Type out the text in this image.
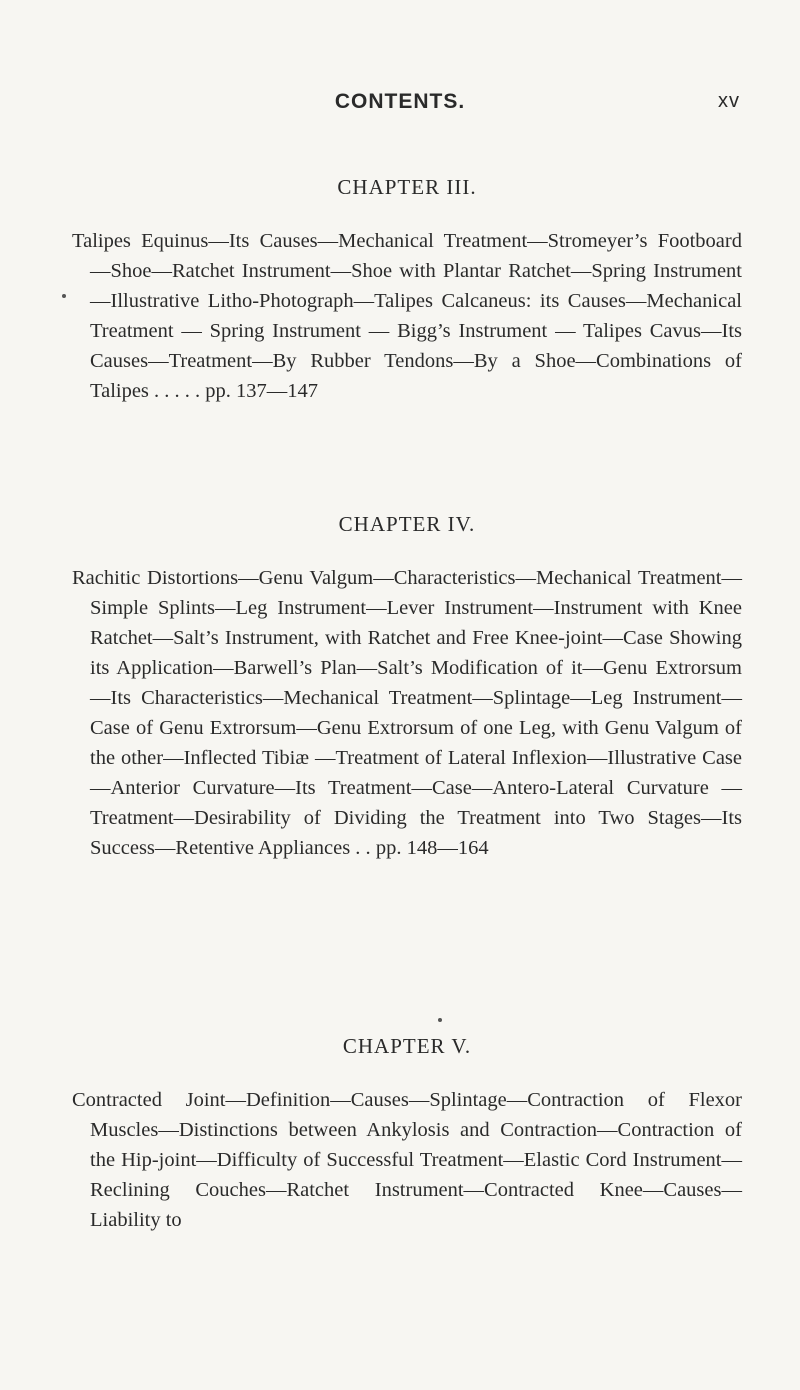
CONTENTS.	xv
CHAPTER III.

Talipes Equinus—Its Causes—Mechanical Treatment—Stromeyer’s Footboard—Shoe—Ratchet Instrument—Shoe with Plantar Ratchet—Spring Instrument—Illustrative Litho-Photograph—Talipes Calcaneus: its Causes—Mechanical Treatment — Spring Instrument — Bigg’s Instrument — Talipes Cavus—Its Causes—Treatment—By Rubber Tendons—By a Shoe—Combinations of Talipes . . . . . pp. 137—147

CHAPTER IV.

Rachitic Distortions—Genu Valgum—Characteristics—Mechanical Treatment—Simple Splints—Leg Instrument—Lever Instrument—Instrument with Knee Ratchet—Salt’s Instrument, with Ratchet and Free Knee-joint—Case Showing its Application—Barwell’s Plan—Salt’s Modification of it—Genu Extrorsum—Its Characteristics—Mechanical Treatment—Splintage—Leg Instrument—Case of Genu Extrorsum—Genu Extrorsum of one Leg, with Genu Valgum of the other—Inflected Tibiæ —Treatment of Lateral Inflexion—Illustrative Case—Anterior Curvature—Its Treatment—Case—Antero-Lateral Curvature —Treatment—Desirability of Dividing the Treatment into Two Stages—Its Success—Retentive Appliances . . pp. 148—164

CHAPTER V.

Contracted Joint—Definition—Causes—Splintage—Contraction of Flexor Muscles—Distinctions between Ankylosis and Contraction—Contraction of the Hip-joint—Difficulty of Successful Treatment—Elastic Cord Instrument—Reclining Couches—Ratchet Instrument—Contracted Knee—Causes—Liability to
